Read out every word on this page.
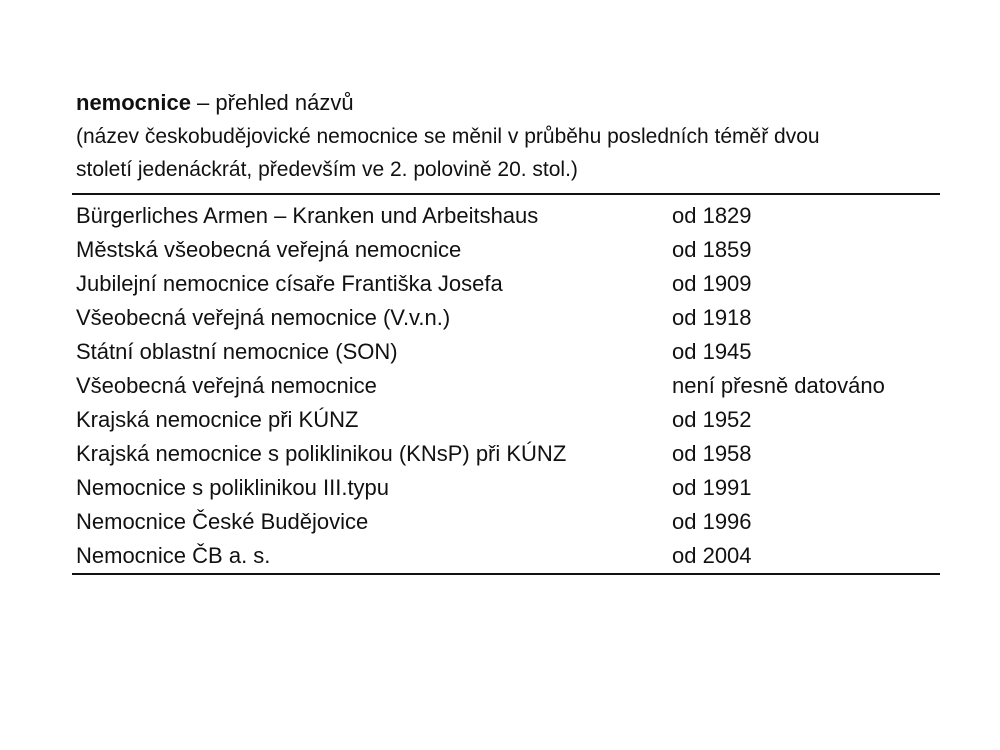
nemocnice – přehled názvů
(název českobudějovické nemocnice se měnil v průběhu posledních téměř dvou
století jedenáckrát, především ve 2. polovině 20. stol.)
Bürgerliches Armen – Kranken und Arbeitshaus	od 1829
Městská všeobecná veřejná nemocnice	od 1859
Jubilejní nemocnice císaře Františka Josefa	od 1909
Všeobecná veřejná nemocnice (V.v.n.)	od 1918
Státní oblastní nemocnice (SON)	od 1945
Všeobecná veřejná nemocnice	není přesně datováno
Krajská nemocnice při KÚNZ	od 1952
Krajská nemocnice s poliklinikou (KNsP) při KÚNZ	od 1958
Nemocnice s poliklinikou III.typu	od 1991
Nemocnice České Budějovice	od 1996
Nemocnice ČB a. s.	od 2004
